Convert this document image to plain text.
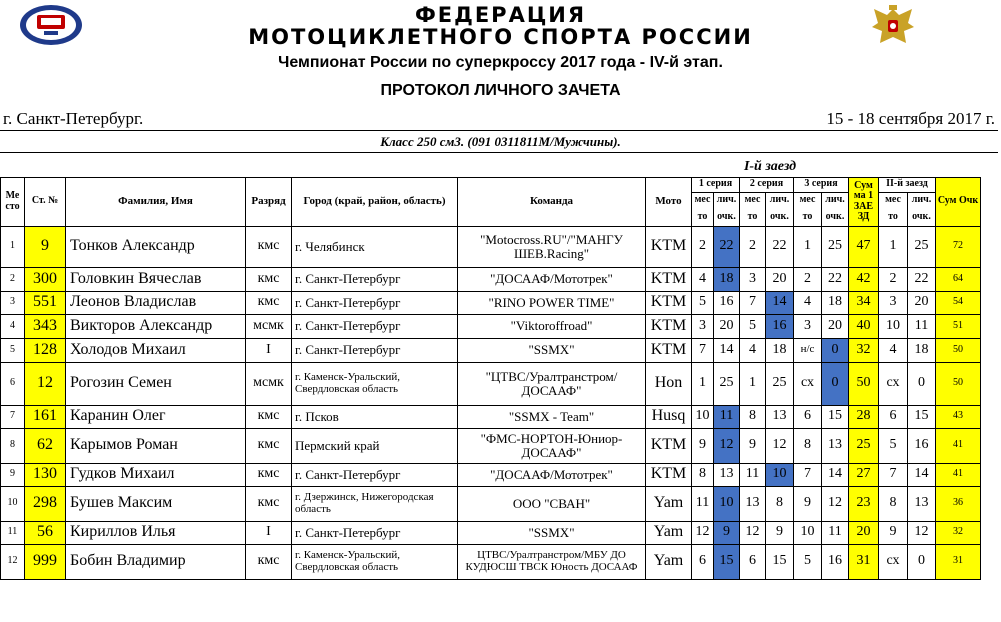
ФЕДЕРАЦИЯ
МОТОЦИКЛЕТНОГО СПОРТА РОССИИ
Чемпионат России по суперкроссу 2017 года - IV-й этап.
ПРОТОКОЛ ЛИЧНОГО ЗАЧЕТА
г. Санкт-Петербург.	15 - 18 сентября 2017 г.
Класс 250 см3. (091 0311811М/Мужчины).
							I-й заезд									
Ме сто	Ст. №	Фамилия, Имя	Разряд	Город (край, район, область)	Команда	Мото	1 серия		2 серия		3 серия		Сум ма 1 ЗАЕ ЗД	II-й заезд		Сум Очк
							мес	лич.	мес	лич.	мес	лич.		мес	лич.	
							то	очк.	то	очк.	то	очк.		то	очк.	
1	9	Тонков Александр	кмс	г. Челябинск	"Motocross.RU"/"МАНГУ ШЕВ.Racing"	KTM	2	22	2	22	1	25	47	1	25	72
2	300	Головкин Вячеслав	кмс	г. Санкт-Петербург	"ДОСААФ/Мототрек"	KTM	4	18	3	20	2	22	42	2	22	64
3	551	Леонов Владислав	кмс	г. Санкт-Петербург	"RINO POWER TIME"	KTM	5	16	7	14	4	18	34	3	20	54
4	343	Викторов Александр	мсмк	г. Санкт-Петербург	"Viktoroffroad"	KTM	3	20	5	16	3	20	40	10	11	51
5	128	Холодов Михаил	I	г. Санкт-Петербург	"SSMX"	KTM	7	14	4	18	н/с	0	32	4	18	50
6	12	Рогозин Семен	мсмк	г. Каменск-Уральский, Свердловская область	"ЦТВС/Уралтранстром/ ДОСААФ"	Hon	1	25	1	25	сх	0	50	сх	0	50
7	161	Каранин Олег	кмс	г. Псков	"SSMX - Team"	Husq	10	11	8	13	6	15	28	6	15	43
8	62	Карымов Роман	кмс	Пермский край	"ФМС-НОРТОН-Юниор- ДОСААФ"	KTM	9	12	9	12	8	13	25	5	16	41
9	130	Гудков Михаил	кмс	г. Санкт-Петербург	"ДОСААФ/Мототрек"	KTM	8	13	11	10	7	14	27	7	14	41
10	298	Бушев Максим	кмс	г. Дзержинск, Нижегородская область	ООО "СВАН"	Yam	11	10	13	8	9	12	23	8	13	36
11	56	Кириллов Илья	I	г. Санкт-Петербург	"SSMX"	Yam	12	9	12	9	10	11	20	9	12	32
12	999	Бобин Владимир	кмс	г. Каменск-Уральский, Свердловская область	ЦТВС/Уралтранстром/МБУ ДО КУДЮСШ ТВСК Юность ДОСААФ	Yam	6	15	6	15	5	16	31	сх	0	31
